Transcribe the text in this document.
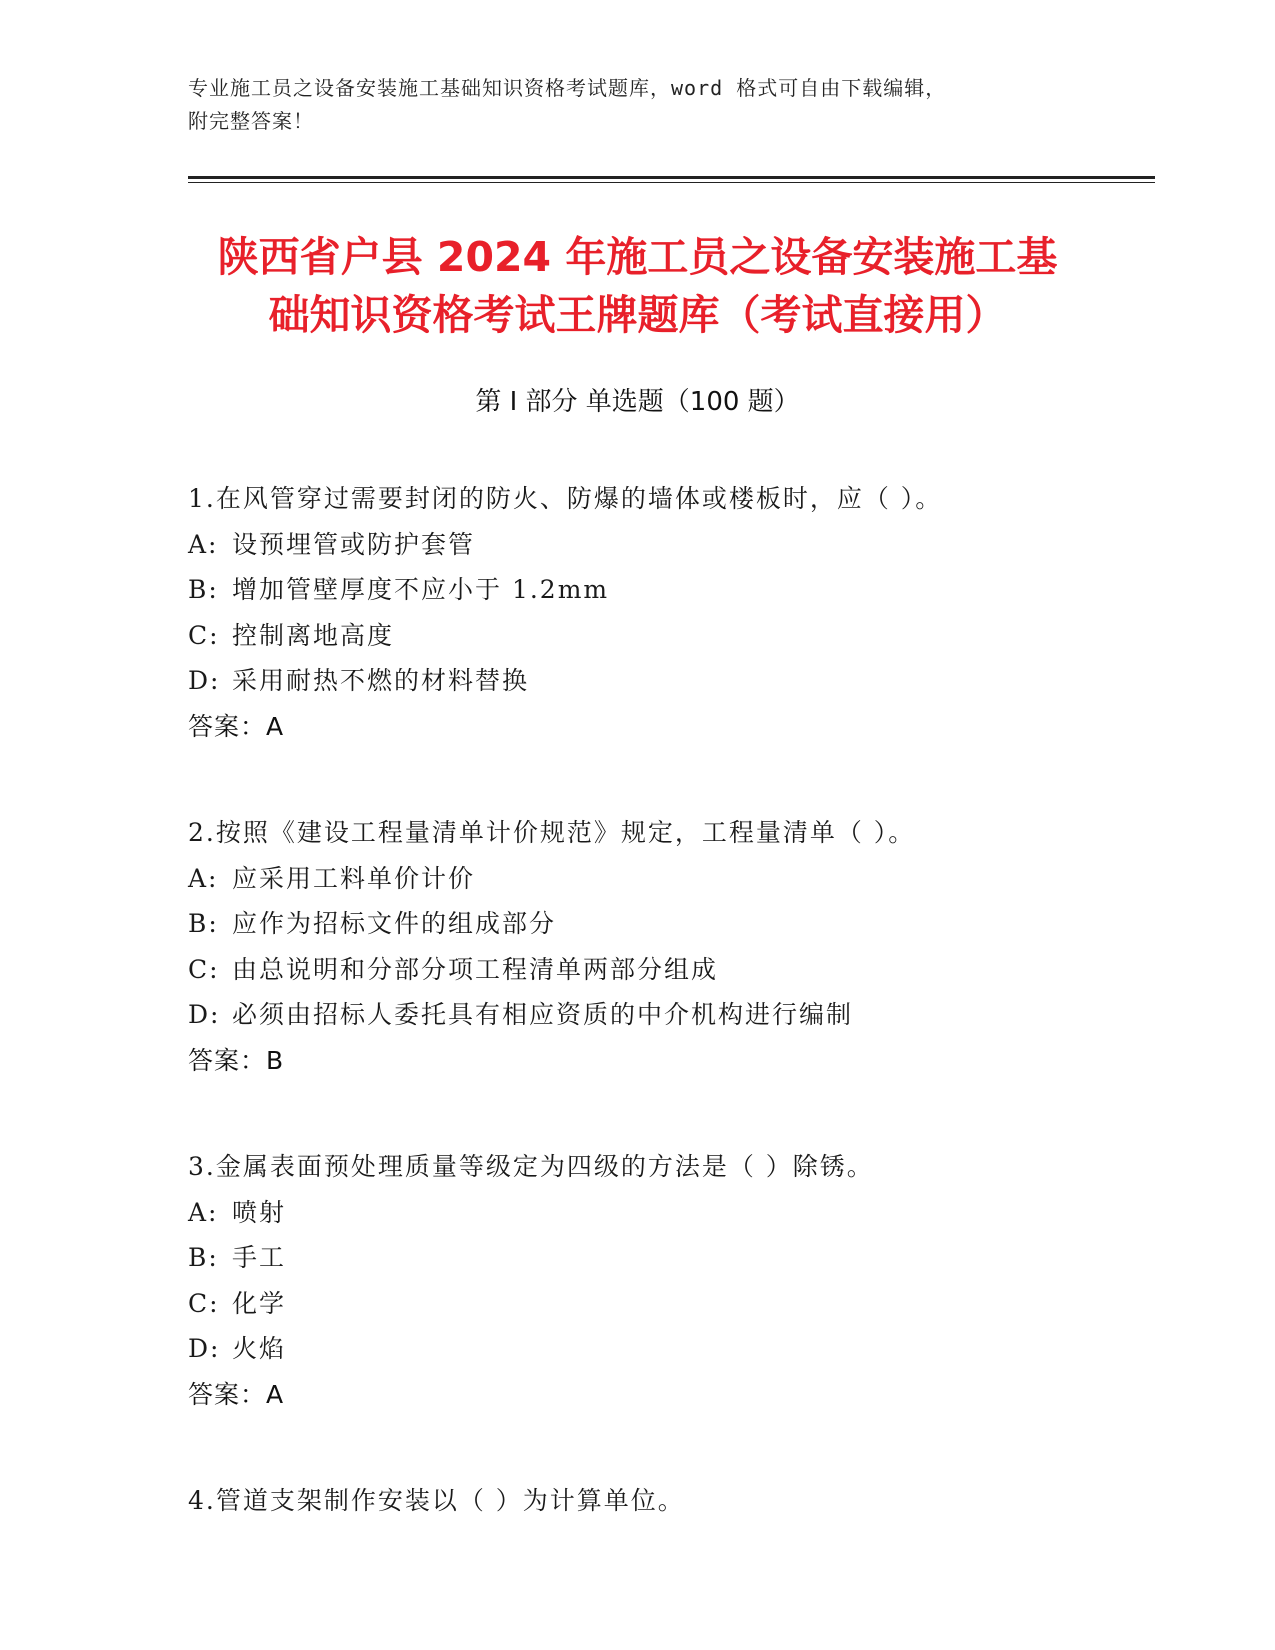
专业施工员之设备安装施工基础知识资格考试题库，word 格式可自由下载编辑，
附完整答案！
陕西省户县 2024 年施工员之设备安装施工基
础知识资格考试王牌题库（考试直接用）
第 I 部分 单选题（100 题）
1.在风管穿过需要封闭的防火、防爆的墙体或楼板时，应（ ）。
A: 设预埋管或防护套管
B: 增加管壁厚度不应小于 1.2mm
C: 控制离地高度
D: 采用耐热不燃的材料替换
答案：A
2.按照《建设工程量清单计价规范》规定，工程量清单（ ）。
A: 应采用工料单价计价
B: 应作为招标文件的组成部分
C: 由总说明和分部分项工程清单两部分组成
D: 必须由招标人委托具有相应资质的中介机构进行编制
答案：B
3.金属表面预处理质量等级定为四级的方法是（ ）除锈。
A: 喷射
B: 手工
C: 化学
D: 火焰
答案：A
4.管道支架制作安装以（ ）为计算单位。
